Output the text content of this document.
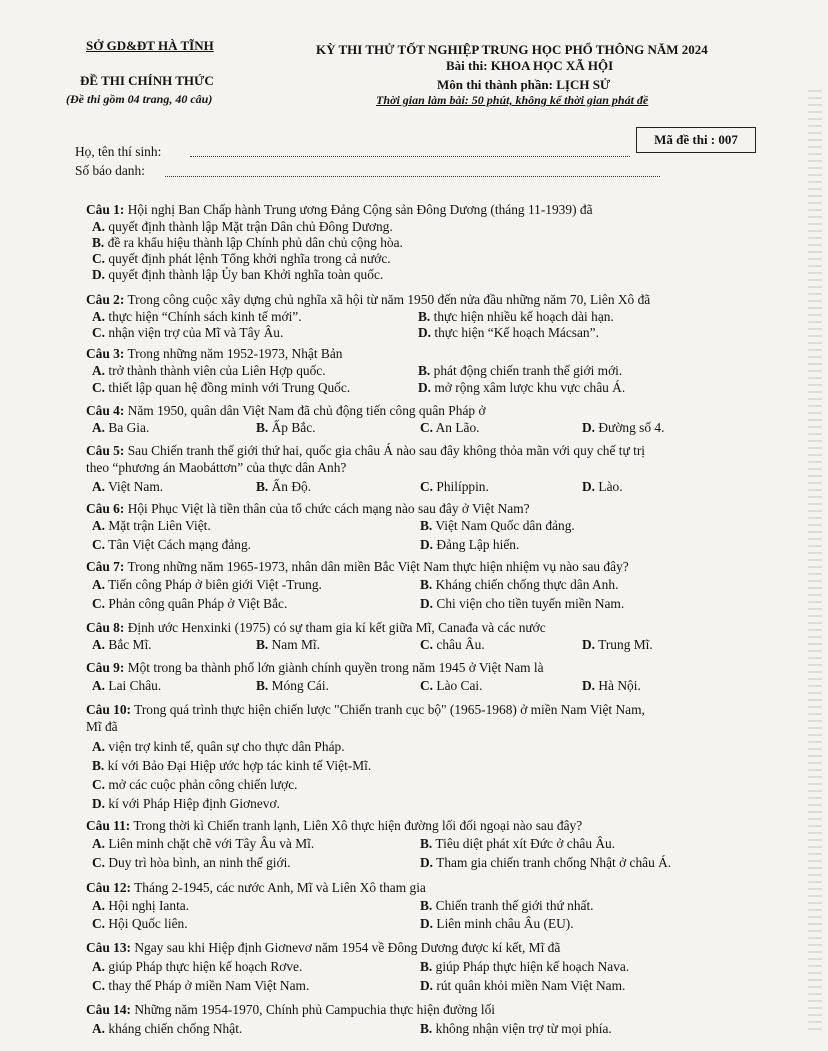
SỞ GD&ĐT HÀ TĨNH	KỲ THI THỬ TỐT NGHIỆP TRUNG HỌC PHỔ THÔNG NĂM 2024
Bài thi: KHOA HỌC XÃ HỘI
ĐỀ THI CHÍNH THỨC	Môn thi thành phần: LỊCH SỬ
(Đề thi gồm 04 trang, 40 câu)	Thời gian làm bài: 50 phút, không kể thời gian phát đề
Mã đề thi : 007
Họ, tên thí sinh:
Số báo danh:
Câu 1: Hội nghị Ban Chấp hành Trung ương Đảng Cộng sản Đông Dương (tháng 11-1939) đã
A. quyết định thành lập Mặt trận Dân chủ Đông Dương.
B. đề ra khẩu hiệu thành lập Chính phủ dân chủ cộng hòa.
C. quyết định phát lệnh Tổng khởi nghĩa trong cả nước.
D. quyết định thành lập Ủy ban Khởi nghĩa toàn quốc.
Câu 2: Trong công cuộc xây dựng chủ nghĩa xã hội từ năm 1950 đến nửa đầu những năm 70, Liên Xô đã
A. thực hiện “Chính sách kinh tế mới”.	B. thực hiện nhiều kế hoạch dài hạn.
C. nhận viện trợ của Mĩ và Tây Âu.	D. thực hiện “Kế hoạch Mácsan”.
Câu 3: Trong những năm 1952-1973, Nhật Bản
A. trở thành thành viên của Liên Hợp quốc.	B. phát động chiến tranh thế giới mới.
C. thiết lập quan hệ đồng minh với Trung Quốc.	D. mở rộng xâm lược khu vực châu Á.
Câu 4: Năm 1950, quân dân Việt Nam đã chủ động tiến công quân Pháp ở
A. Ba Gia.	B. Ấp Bắc.	C. An Lão.	D. Đường số 4.
Câu 5: Sau Chiến tranh thế giới thứ hai, quốc gia châu Á nào sau đây không thỏa mãn với quy chế tự trị
theo “phương án Maobáttơn” của thực dân Anh?
A. Việt Nam.	B. Ấn Độ.	C. Philíppin.	D. Lào.
Câu 6: Hội Phục Việt là tiền thân của tổ chức cách mạng nào sau đây ở Việt Nam?
A. Mặt trận Liên Việt.	B. Việt Nam Quốc dân đảng.
C. Tân Việt Cách mạng đảng.	D. Đảng Lập hiến.
Câu 7: Trong những năm 1965-1973, nhân dân miền Bắc Việt Nam thực hiện nhiệm vụ nào sau đây?
A. Tiến công Pháp ở biên giới Việt -Trung.	B. Kháng chiến chống thực dân Anh.
C. Phản công quân Pháp ở Việt Bắc.	D. Chi viện cho tiền tuyến miền Nam.
Câu 8: Định ước Henxinki (1975) có sự tham gia kí kết giữa Mĩ, Canađa và các nước
A. Bắc Mĩ.	B. Nam Mĩ.	C. châu Âu.	D. Trung Mĩ.
Câu 9: Một trong ba thành phố lớn giành chính quyền trong năm 1945 ở Việt Nam là
A. Lai Châu.	B. Móng Cái.	C. Lào Cai.	D. Hà Nội.
Câu 10: Trong quá trình thực hiện chiến lược "Chiến tranh cục bộ" (1965-1968) ở miền Nam Việt Nam,
Mĩ đã
A. viện trợ kinh tế, quân sự cho thực dân Pháp.
B. kí với Bảo Đại Hiệp ước hợp tác kinh tế Việt-Mĩ.
C. mở các cuộc phản công chiến lược.
D. kí với Pháp Hiệp định Giơnevơ.
Câu 11: Trong thời kì Chiến tranh lạnh, Liên Xô thực hiện đường lối đối ngoại nào sau đây?
A. Liên minh chặt chẽ với Tây Âu và Mĩ.	B. Tiêu diệt phát xít Đức ở châu Âu.
C. Duy trì hòa bình, an ninh thế giới.	D. Tham gia chiến tranh chống Nhật ở châu Á.
Câu 12: Tháng 2-1945, các nước Anh, Mĩ và Liên Xô tham gia
A. Hội nghị Ianta.	B. Chiến tranh thế giới thứ nhất.
C. Hội Quốc liên.	D. Liên minh châu Âu (EU).
Câu 13: Ngay sau khi Hiệp định Giơnevơ năm 1954 về Đông Dương được kí kết, Mĩ đã
A. giúp Pháp thực hiện kế hoạch Rơve.	B. giúp Pháp thực hiện kế hoạch Nava.
C. thay thế Pháp ở miền Nam Việt Nam.	D. rút quân khỏi miền Nam Việt Nam.
Câu 14: Những năm 1954-1970, Chính phủ Campuchia thực hiện đường lối
A. kháng chiến chống Nhật.	B. không nhận viện trợ từ mọi phía.
